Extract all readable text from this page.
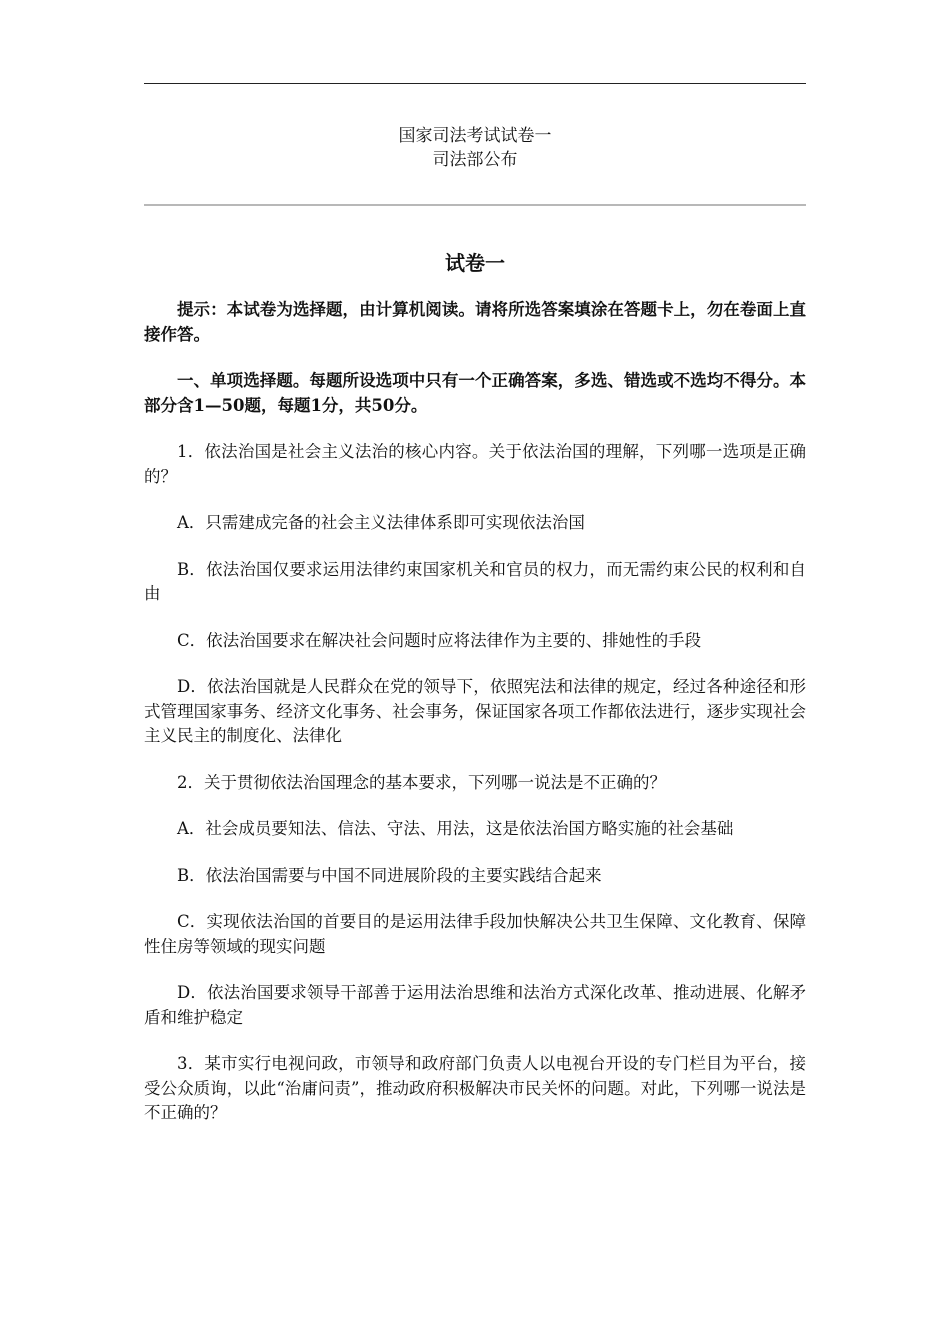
国家司法考试试卷一
司法部公布
试卷一

提示：本试卷为选择题，由计算机阅读。请将所选答案填涂在答题卡上，勿在卷面上直接作答。

一、单项选择题。每题所设选项中只有一个正确答案，多选、错选或不选均不得分。本部分含1—50题，每题1分，共50分。

1．依法治国是社会主义法治的核心内容。关于依法治国的理解，下列哪一选项是正确的？

A．只需建成完备的社会主义法律体系即可实现依法治国

B．依法治国仅要求运用法律约束国家机关和官员的权力，而无需约束公民的权利和自由

C．依法治国要求在解决社会问题时应将法律作为主要的、排她性的手段

D．依法治国就是人民群众在党的领导下，依照宪法和法律的规定，经过各种途径和形式管理国家事务、经济文化事务、社会事务，保证国家各项工作都依法进行，逐步实现社会主义民主的制度化、法律化

2．关于贯彻依法治国理念的基本要求，下列哪一说法是不正确的？

A．社会成员要知法、信法、守法、用法，这是依法治国方略实施的社会基础

B．依法治国需要与中国不同进展阶段的主要实践结合起来

C．实现依法治国的首要目的是运用法律手段加快解决公共卫生保障、文化教育、保障性住房等领域的现实问题

D．依法治国要求领导干部善于运用法治思维和法治方式深化改革、推动进展、化解矛盾和维护稳定

3．某市实行电视问政，市领导和政府部门负责人以电视台开设的专门栏目为平台，接受公众质询，以此“治庸问责”，推动政府积极解决市民关怀的问题。对此，下列哪一说法是不正确的？
